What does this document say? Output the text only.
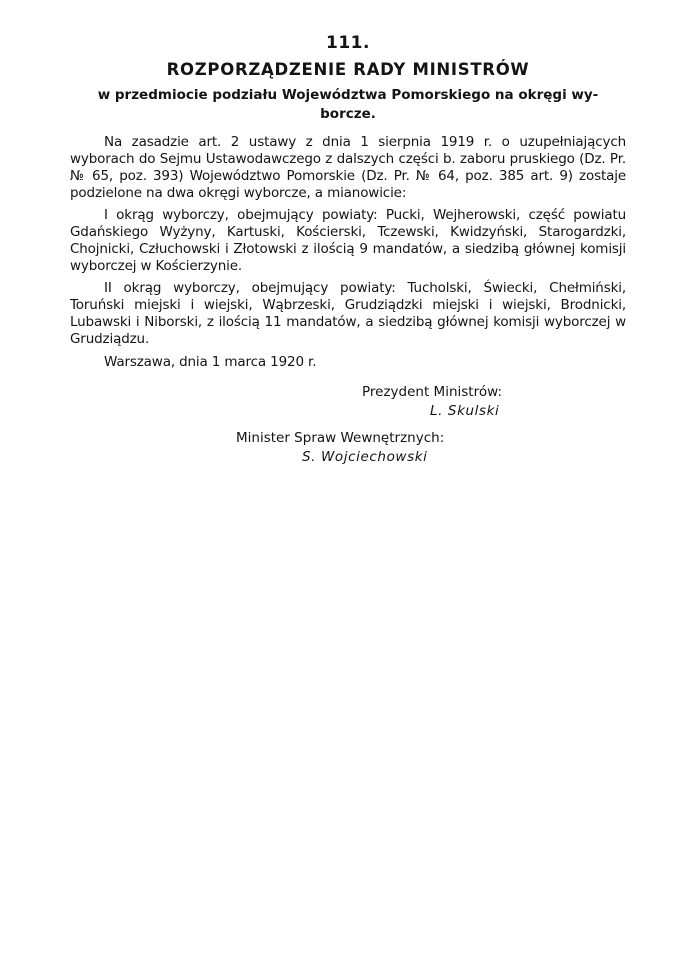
111.
ROZPORZĄDZENIE RADY MINISTRÓW
w przedmiocie podziału Województwa Pomorskiego na okręgi wy-
borcze.

Na zasadzie art. 2 ustawy z dnia 1 sierpnia 1919 r. o uzupełniających wyborach do Sejmu Ustawodawczego z dalszych części b. zaboru pruskiego (Dz. Pr. № 65, poz. 393) Województwo Pomorskie (Dz. Pr. № 64, poz. 385 art. 9) zostaje podzielone na dwa okręgi wyborcze, a mianowicie:

I okrąg wyborczy, obejmujący powiaty: Pucki, Wejherowski, część powiatu Gdańskiego Wyżyny, Kartuski, Kościerski, Tczewski, Kwidzyński, Starogardzki, Chojnicki, Człuchowski i Złotowski z ilością 9 mandatów, a siedzibą głównej komisji wyborczej w Kościerzynie.

II okrąg wyborczy, obejmujący powiaty: Tucholski, Świecki, Chełmiński, Toruński miejski i wiejski, Wąbrzeski, Grudziądzki miejski i wiejski, Brodnicki, Lubawski i Niborski, z ilością 11 mandatów, a siedzibą głównej komisji wyborczej w Grudziądzu.

Warszawa, dnia 1 marca 1920 r.
Prezydent Ministrów:
L. Skulski
Minister Spraw Wewnętrznych:
S. Wojciechowski
